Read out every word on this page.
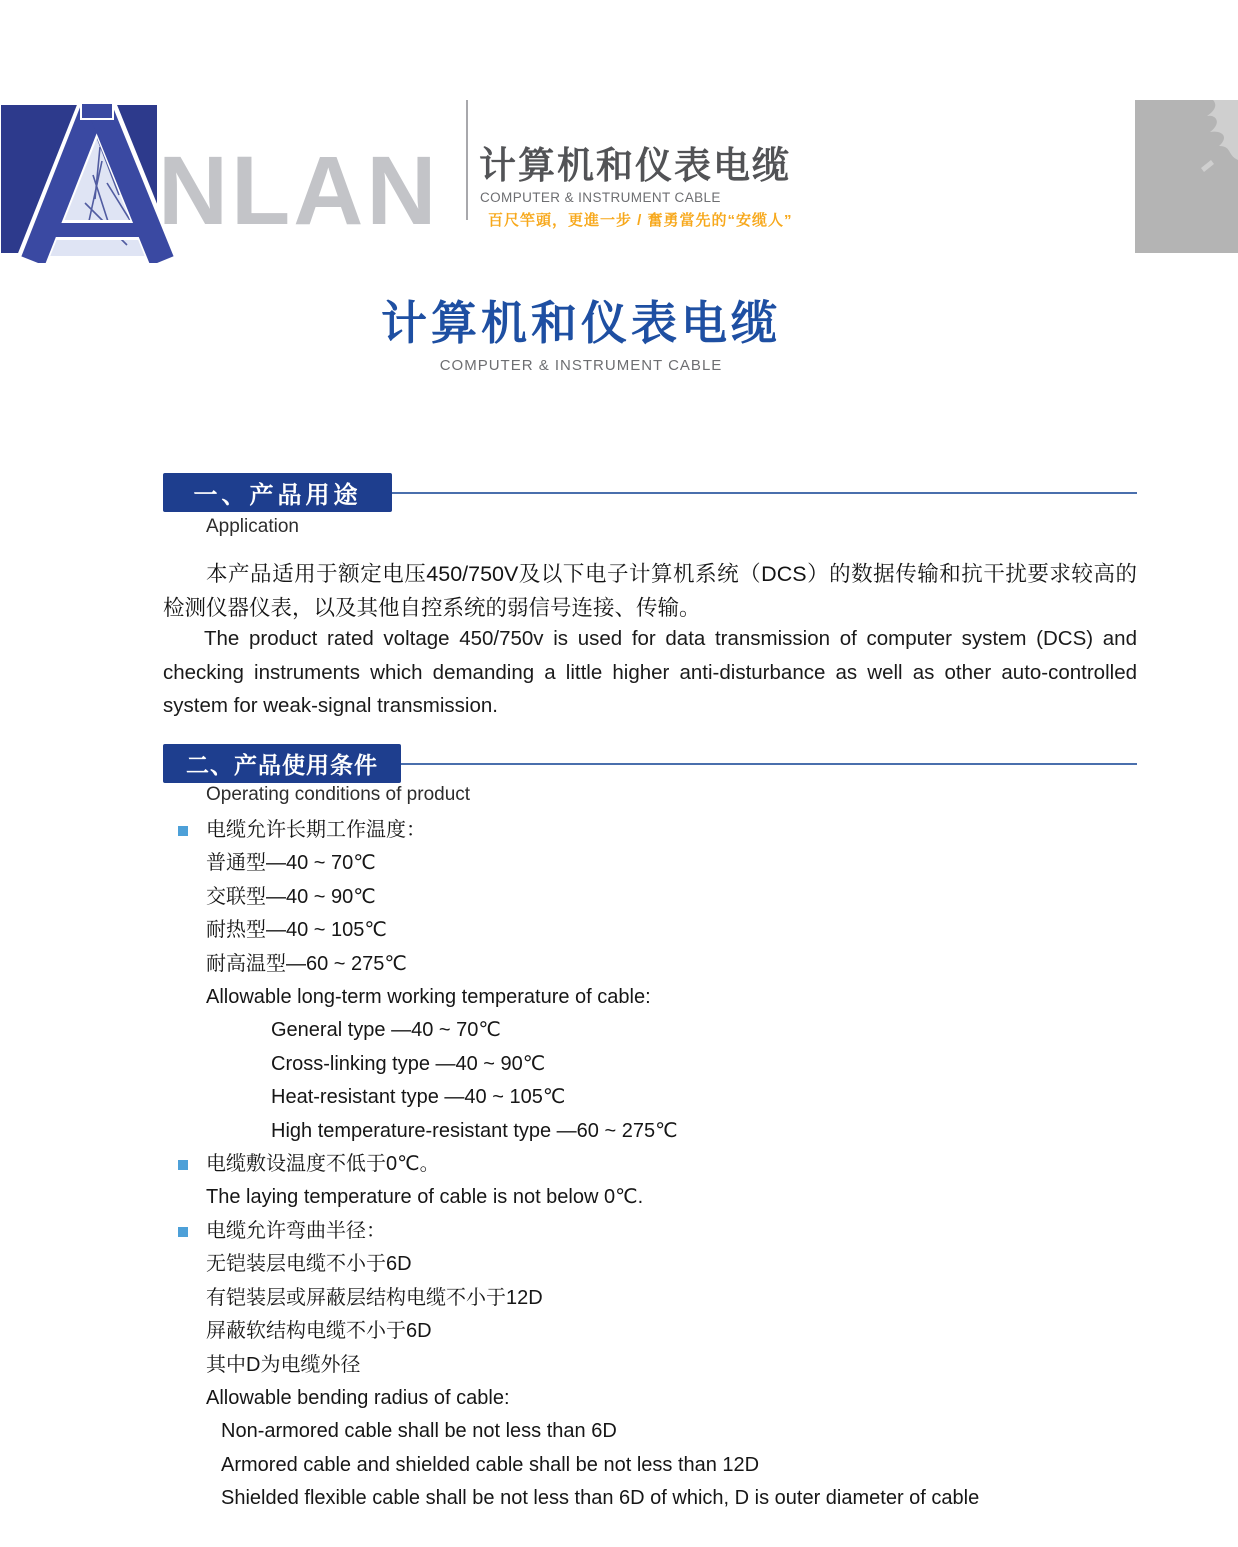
NLAN 计算机和仪表电缆
COMPUTER & INSTRUMENT CABLE
百尺竿頭，更進一步 / 奮勇當先的“安缆人”
计算机和仪表电缆
COMPUTER & INSTRUMENT CABLE
一、产品用途
Application
本产品适用于额定电压450/750V及以下电子计算机系统（DCS）的数据传输和抗干扰要求较高的检测仪器仪表，以及其他自控系统的弱信号连接、传输。
The product rated voltage 450/750v is used for data transmission of computer system (DCS) and checking instruments which demanding a little higher anti-disturbance as well as other auto-controlled system for weak-signal transmission.
二、产品使用条件
Operating conditions of product
电缆允许长期工作温度：
普通型—40 ~ 70℃
交联型—40 ~ 90℃
耐热型—40 ~ 105℃
耐高温型—60 ~ 275℃
Allowable long-term working temperature of cable:
General type —40 ~ 70℃
Cross-linking type —40 ~ 90℃
Heat-resistant type —40 ~ 105℃
High temperature-resistant type —60 ~ 275℃
电缆敷设温度不低于0℃。
The laying temperature of cable is not below 0℃.
电缆允许弯曲半径：
无铠装层电缆不小于6D
有铠装层或屏蔽层结构电缆不小于12D
屏蔽软结构电缆不小于6D
其中D为电缆外径
Allowable bending radius of cable:
Non-armored cable shall be not less than 6D
Armored cable and shielded cable shall be not less than 12D
Shielded flexible cable shall be not less than 6D of which, D is outer diameter of cable
